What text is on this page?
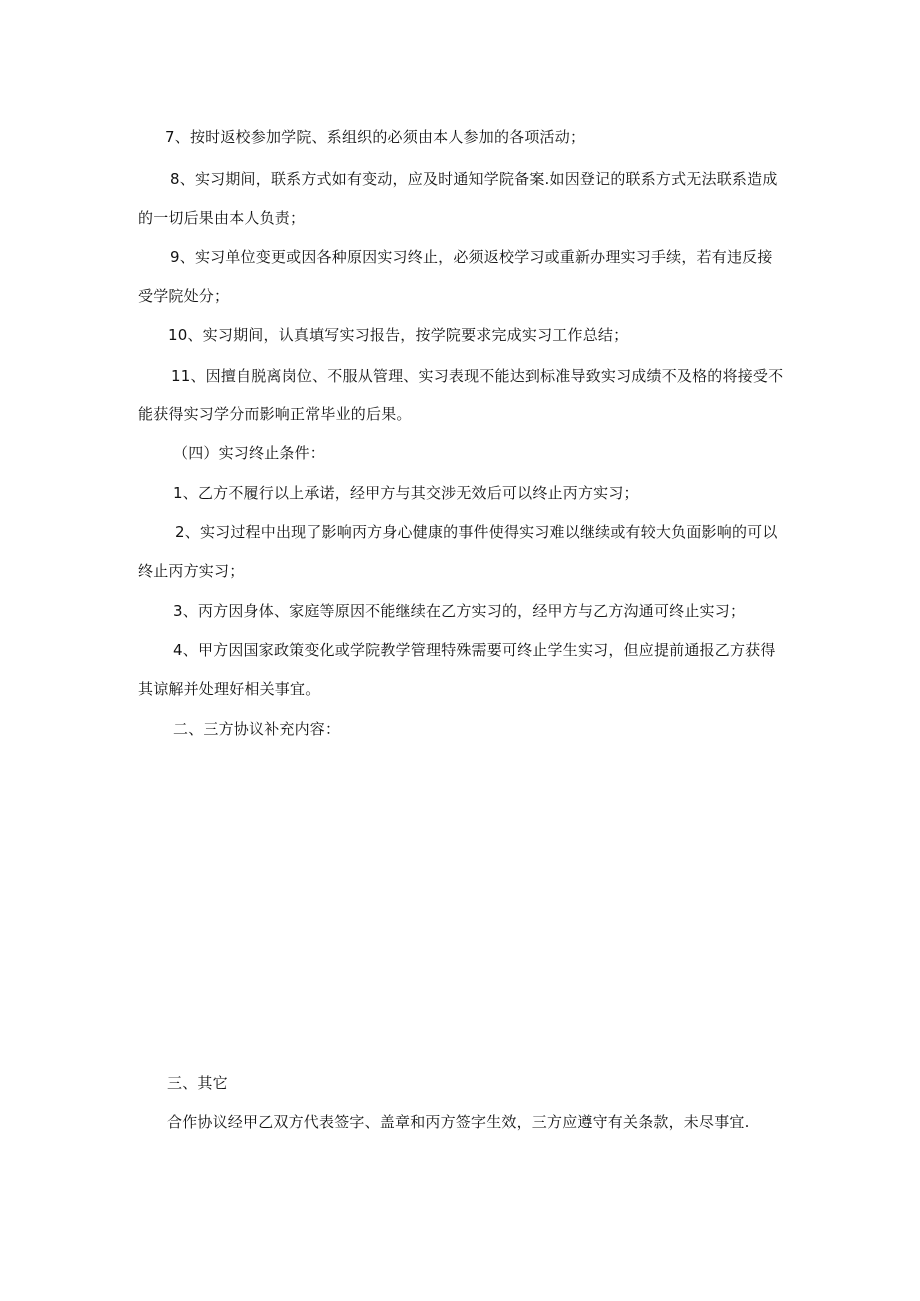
7、按时返校参加学院、系组织的必须由本人参加的各项活动；
8、实习期间，联系方式如有变动，应及时通知学院备案.如因登记的联系方式无法联系造成
的一切后果由本人负责；
9、实习单位变更或因各种原因实习终止，必须返校学习或重新办理实习手续，若有违反接
受学院处分；
10、实习期间，认真填写实习报告，按学院要求完成实习工作总结；
11、因擅自脱离岗位、不服从管理、实习表现不能达到标准导致实习成绩不及格的将接受不
能获得实习学分而影响正常毕业的后果。
（四）实习终止条件：
1、乙方不履行以上承诺，经甲方与其交涉无效后可以终止丙方实习；
2、实习过程中出现了影响丙方身心健康的事件使得实习难以继续或有较大负面影响的可以
终止丙方实习；
3、丙方因身体、家庭等原因不能继续在乙方实习的，经甲方与乙方沟通可终止实习；
4、甲方因国家政策变化或学院教学管理特殊需要可终止学生实习，但应提前通报乙方获得
其谅解并处理好相关事宜。
二、三方协议补充内容：
三、其它
合作协议经甲乙双方代表签字、盖章和丙方签字生效，三方应遵守有关条款，未尽事宜.
